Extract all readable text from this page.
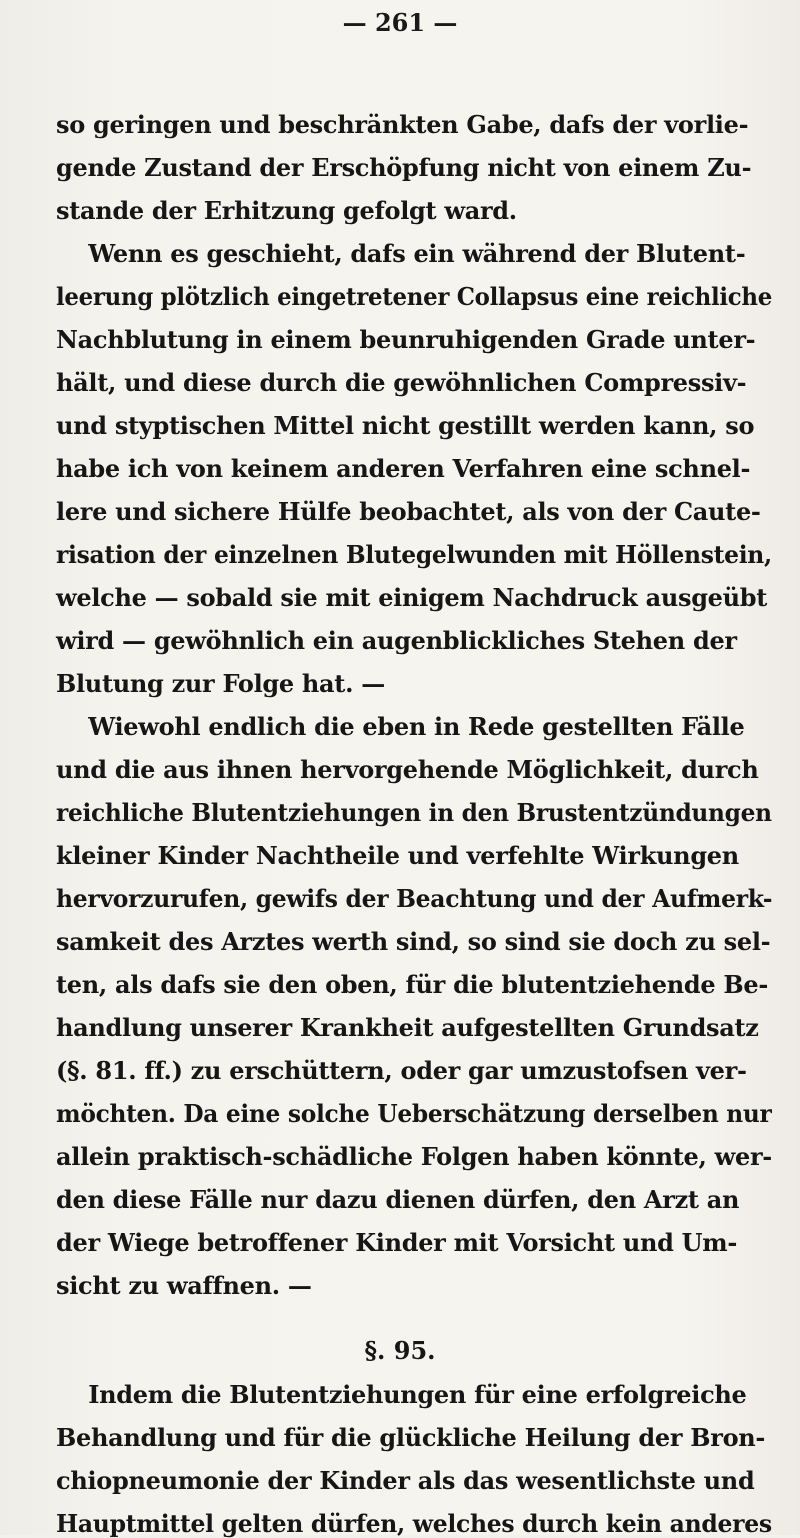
— 261 —
so geringen und beschränkten Gabe, dafs der vorlie-
gende Zustand der Erschöpfung nicht von einem Zu-
stande der Erhitzung gefolgt ward.
Wenn es geschieht, dafs ein während der Blutent-
leerung plötzlich eingetretener Collapsus eine reichliche
Nachblutung in einem beunruhigenden Grade unter-
hält, und diese durch die gewöhnlichen Compressiv-
und styptischen Mittel nicht gestillt werden kann, so
habe ich von keinem anderen Verfahren eine schnel-
lere und sichere Hülfe beobachtet, als von der Caute-
risation der einzelnen Blutegelwunden mit Höllenstein,
welche — sobald sie mit einigem Nachdruck ausgeübt
wird — gewöhnlich ein augenblickliches Stehen der
Blutung zur Folge hat. —
Wiewohl endlich die eben in Rede gestellten Fälle
und die aus ihnen hervorgehende Möglichkeit, durch
reichliche Blutentziehungen in den Brustentzündungen
kleiner Kinder Nachtheile und verfehlte Wirkungen
hervorzurufen, gewifs der Beachtung und der Aufmerk-
samkeit des Arztes werth sind, so sind sie doch zu sel-
ten, als dafs sie den oben, für die blutentziehende Be-
handlung unserer Krankheit aufgestellten Grundsatz
(§. 81. ff.) zu erschüttern, oder gar umzustofsen ver-
möchten. Da eine solche Ueberschätzung derselben nur
allein praktisch-schädliche Folgen haben könnte, wer-
den diese Fälle nur dazu dienen dürfen, den Arzt an
der Wiege betroffener Kinder mit Vorsicht und Um-
sicht zu waffnen. —
§. 95.
Indem die Blutentziehungen für eine erfolgreiche
Behandlung und für die glückliche Heilung der Bron-
chiopneumonie der Kinder als das wesentlichste und
Hauptmittel gelten dürfen, welches durch kein anderes
